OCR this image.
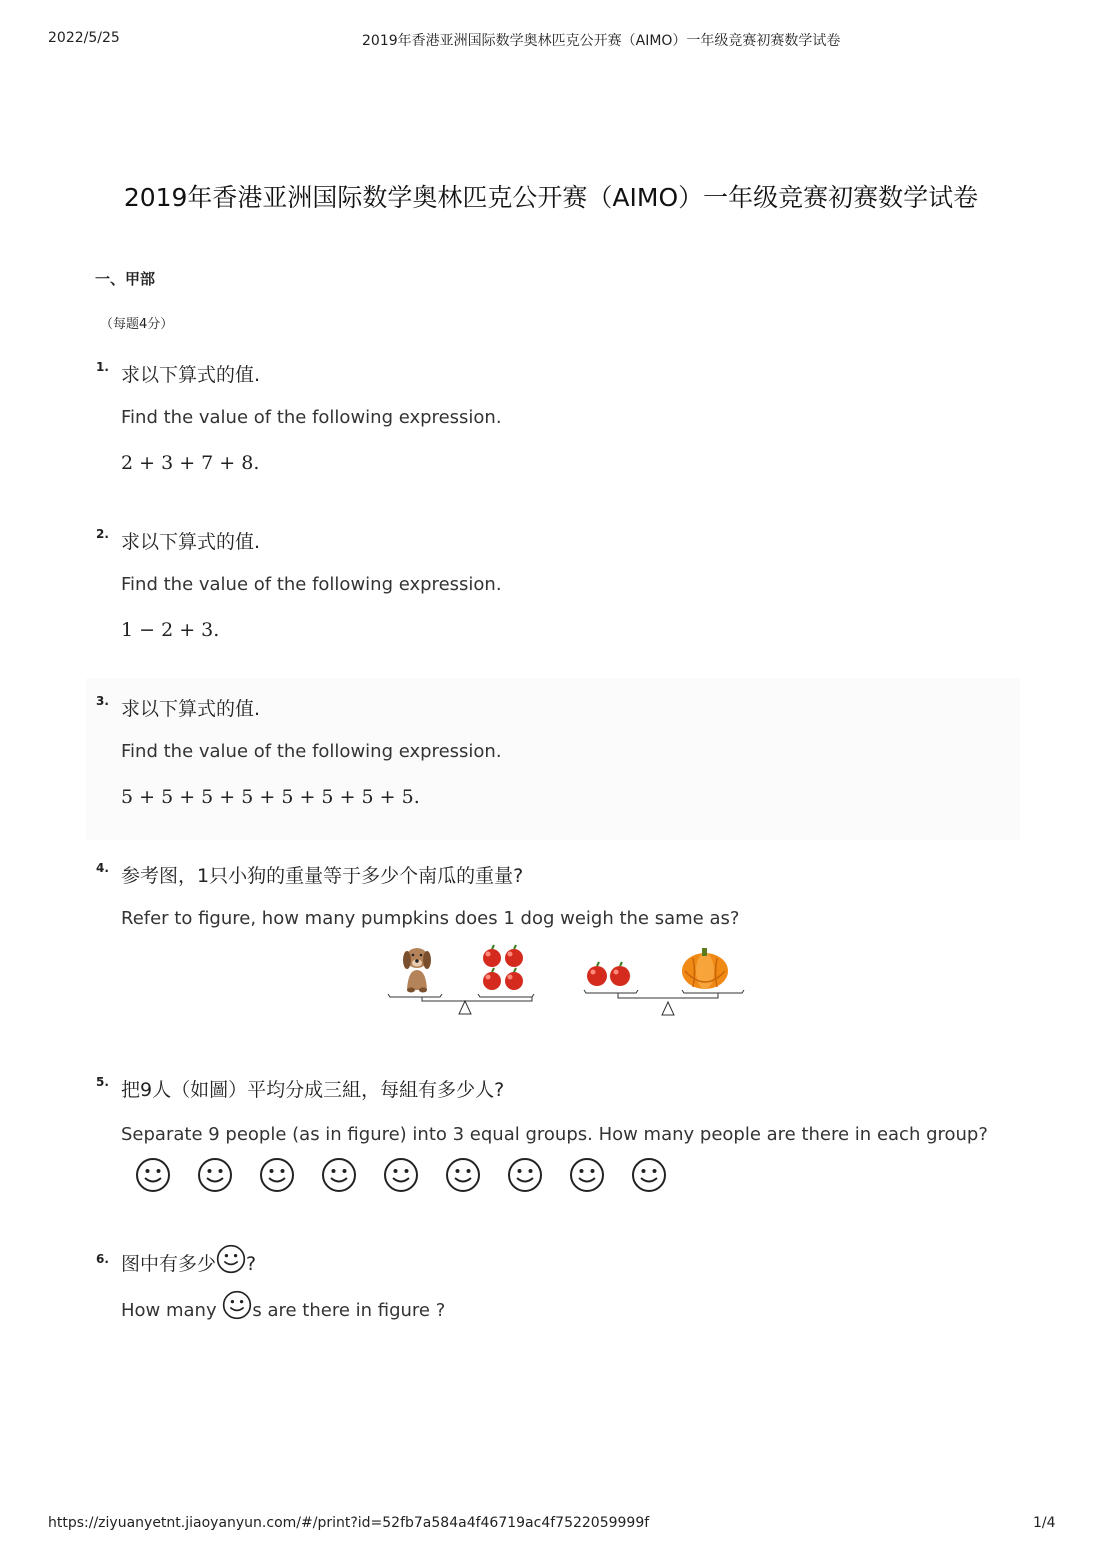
2022/5/25	2019年香港亚洲国际数学奥林匹克公开赛（AIMO）一年级竞赛初赛数学试卷
2019年香港亚洲国际数学奥林匹克公开赛（AIMO）一年级竞赛初赛数学试卷
一、甲部
（每题4分）
1. 求以下算式的值.
Find the value of the following expression.
2 + 3 + 7 + 8.
2. 求以下算式的值.
Find the value of the following expression.
1 − 2 + 3.
3. 求以下算式的值.
Find the value of the following expression.
5 + 5 + 5 + 5 + 5 + 5 + 5 + 5.
4. 参考图，1只小狗的重量等于多少个南瓜的重量?
Refer to figure, how many pumpkins does 1 dog weigh the same as?
5. 把9人（如圖）平均分成三組，每組有多少人?
Separate 9 people (as in figure) into 3 equal groups. How many people are there in each group?
6. 图中有多少 ?
How many s are there in figure ?
https://ziyuanyetnt.jiaoyanyun.com/#/print?id=52fb7a584a4f46719ac4f7522059999f	1/4
